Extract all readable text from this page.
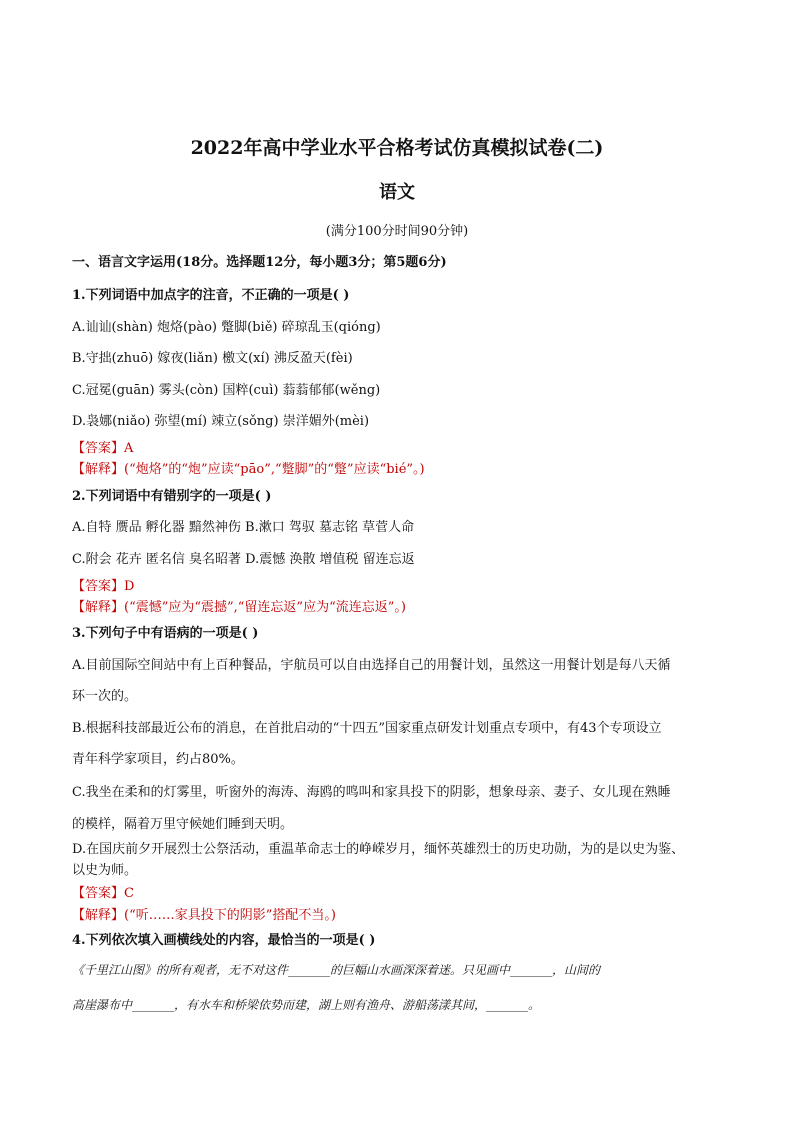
2022年高中学业水平合格考试仿真模拟试卷(二)
语文
(满分100分时间90分钟)
一、语言文字运用(18分。选择题12分，每小题3分；第5题6分)
1.下列词语中加点字的注音，不正确的一项是( )
A.讪讪(shàn) 炮烙(pào) 蹩脚(biě) 碎琼乱玉(qióng)
B.守拙(zhuō) 嫁夜(liǎn) 檄文(xí) 沸反盈天(fèi)
C.冠冕(guān) 雾头(còn) 国粹(cuì) 蓊蓊郁郁(wěng)
D.袅娜(niǎo) 弥望(mí) 竦立(sǒng) 崇洋媚外(mèi)
【答案】A
【解释】(“炮烙”的“炮”应读“pāo”,“蹩脚”的“蹩”应读“bié”。)
2.下列词语中有错别字的一项是( )
A.自特 赝品 孵化器 黯然神伤 B.漱口 驾驭 墓志铭 草菅人命
C.附会 花卉 匿名信 臭名昭著 D.震憾 涣散 增值税 留连忘返
【答案】D
【解释】(“震憾”应为“震撼”,“留连忘返”应为“流连忘返”。)
3.下列句子中有语病的一项是( )
A.目前国际空间站中有上百种餐品，宇航员可以自由选择自己的用餐计划，虽然这一用餐计划是每八天循
环一次的。
B.根据科技部最近公布的消息，在首批启动的“十四五”国家重点研发计划重点专项中，有43个专项设立
青年科学家项目，约占80%。
C.我坐在柔和的灯雾里，听窗外的海涛、海鸥的鸣叫和家具投下的阴影，想象母亲、妻子、女儿现在熟睡
的模样，隔着万里守候她们睡到天明。
D.在国庆前夕开展烈士公祭活动，重温革命志士的峥嵘岁月，缅怀英雄烈士的历史功勋，为的是以史为鉴、
以史为师。
【答案】C
【解释】(“听……家具投下的阴影”搭配不当。)
4.下列依次填入画横线处的内容，最恰当的一项是( )
《千里江山图》的所有观者，无不对这件_______的巨幅山水画深深着迷。只见画中_______，山间的
高崖瀑布中_______，有水车和桥梁依势而建，湖上则有渔舟、游船荡漾其间，_______。
